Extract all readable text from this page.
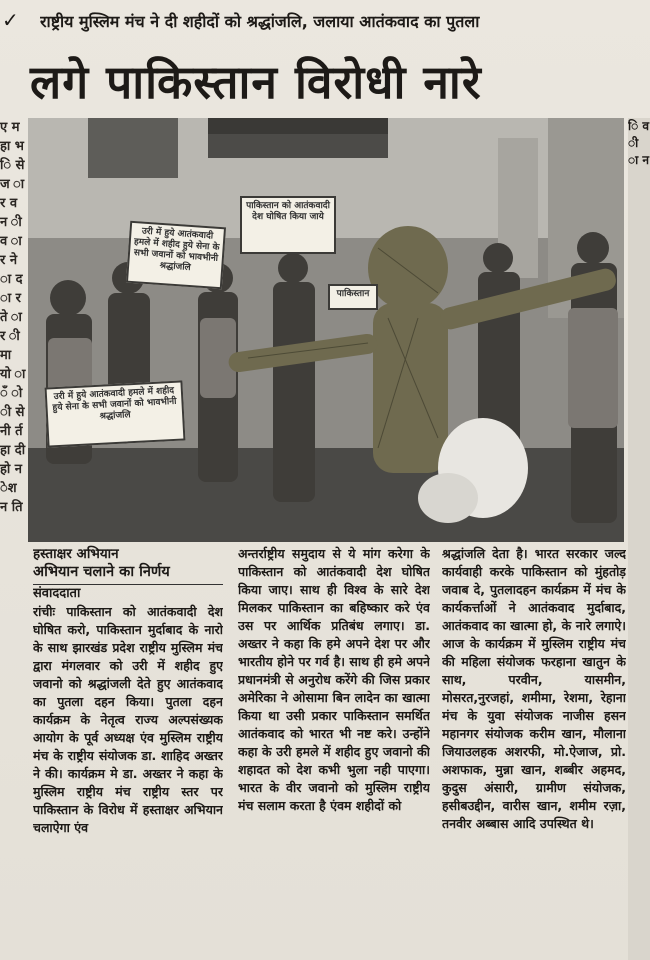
✓ राष्ट्रीय मुस्लिम मंच ने दी शहीदों को श्रद्धांजलि, जलाया आतंकवाद का पुतला
लगे पाकिस्तान विरोधी नारे
ए म हा भ ि से ज ा र व न ी व ा र ने ा द ा र ते ा र ी मा यो ा ँ ो ी से नी र्त हा दी हो न ेश न ति
पाकिस्तान को आतंकवादी देश घोषित किया जाये
उरी में हुये आतंकवादी हमले में शहीद हुये सेना के सभी जवानों को भावभीनी श्रद्धांजलि
उरी में हुये आतंकवादी हमले में शहीद हुये सेना के सभी जवानों को भावभीनी श्रद्धांजलि
पाकिस्तान
ि व ी ा न

हस्ताक्षर अभियान

अभियान चलाने का निर्णय

संवाददाता

रांचीः पाकिस्तान को आतंकवादी देश घोषित करो, पाकिस्तान मुर्दाबाद के नारो के साथ झारखंड प्रदेश राष्ट्रीय मुस्लिम मंच द्वारा मंगलवार को उरी में शहीद हुए जवानो को श्रद्धांजली देते हुए आतंकवाद का पुतला दहन किया। पुतला दहन कार्यक्रम के नेतृत्व राज्य अल्पसंख्यक आयोग के पूर्व अध्यक्ष एंव मुस्लिम राष्ट्रीय मंच के राष्ट्रीय संयोजक डा. शाहिद अख्तर ने की। कार्यक्रम मे डा. अख्तर ने कहा के मुस्लिम राष्ट्रीय मंच राष्ट्रीय स्तर पर पाकिस्तान के विरोध में हस्ताक्षर अभियान चलाऐगा एंव

अन्तर्राष्ट्रीय समुदाय से ये मांग करेगा के पाकिस्तान को आतंकवादी देश घोषित किया जाए। साथ ही विश्व के सारे देश मिलकर पाकिस्तान का बहिष्कार करे एंव उस पर आर्थिक प्रतिबंध लगाए। डा. अख्तर ने कहा कि हमे अपने देश पर और भारतीय होने पर गर्व है। साथ ही हमे अपने प्रधानमंत्री से अनुरोध करेंगे की जिस प्रकार अमेरिका ने ओसामा बिन लादेन का खात्मा किया था उसी प्रकार पाकिस्तान समर्थित आतंकवाद को भारत भी नष्ट करे। उन्होंने कहा के उरी हमले में शहीद हुए जवानो की शहादत को देश कभी भुला नही पाएगा। भारत के वीर जवानो को मुस्लिम राष्ट्रीय मंच सलाम करता है एंवम शहीदों को

श्रद्धांजलि देता है। भारत सरकार जल्द कार्यवाही करके पाकिस्तान को मुंहतोड़ जवाब दे, पुतलादहन कार्यक्रम में मंच के कार्यकर्त्ताओं ने आतंकवाद मुर्दाबाद, आतंकवाद का खात्मा हो, के नारे लगाऐ। आज के कार्यक्रम में मुस्लिम राष्ट्रीय मंच की महिला संयोजक फरहाना खातुन के साथ, परवीन, यासमीन, मोसरत,नुरजहां, शमीमा, रेशमा, रेहाना मंच के युवा संयोजक नाजीस हसन महानगर संयोजक करीम खान, मौलाना जियाउलहक अशरफी, मो.ऐजाज, प्रो. अशफाक, मुन्ना खान, शब्बीर अहमद, कुदुस अंसारी, ग्रामीण संयोजक, हसीबउद्दीन, वारीस खान, शमीम रज़ा, तनवीर अब्बास आदि उपस्थित थे।
